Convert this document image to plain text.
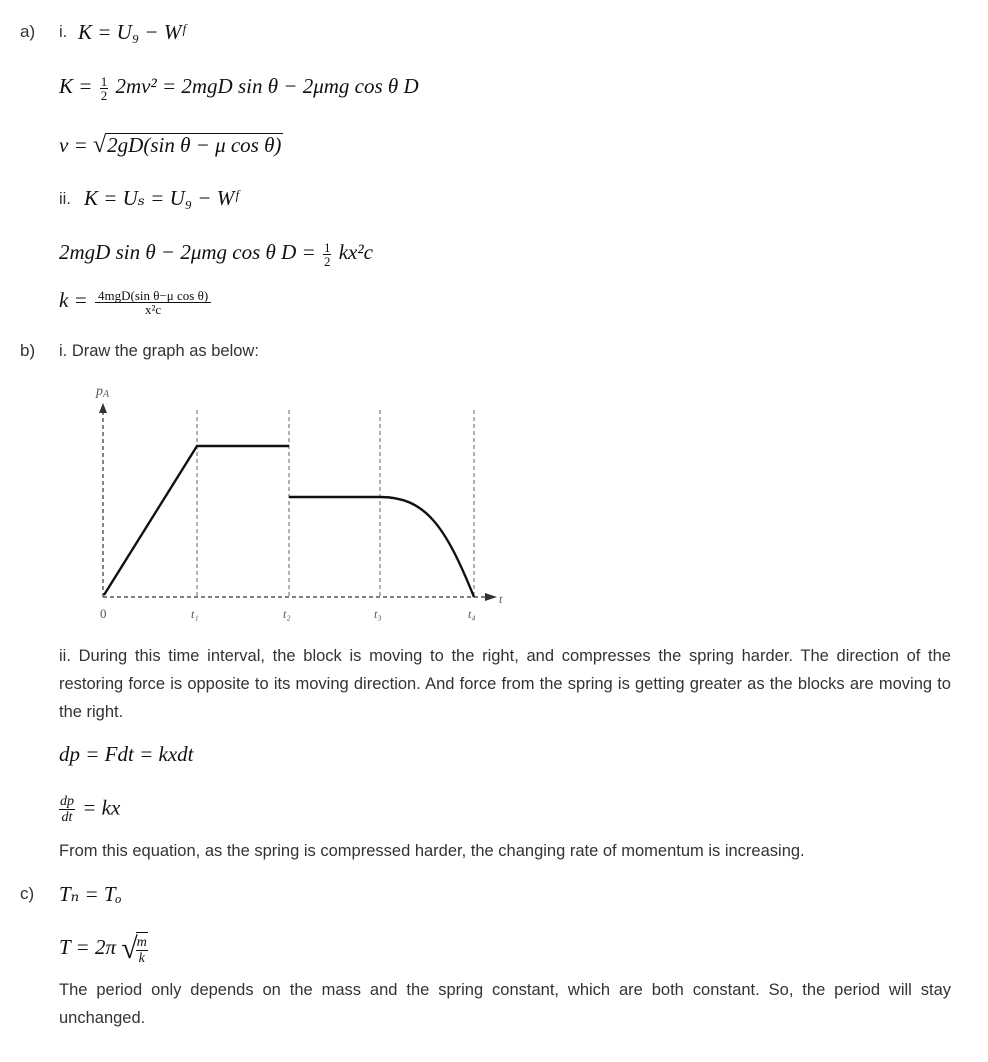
a) i. K = U₉ − Wᶠ
$K = \frac{1}{2} 2mv^2 = 2mgD$ sin θ − 2μmg cos θ D
v = √2gD(sin θ − μ cos θ)
ii. K = Uₛ = U₉ − Wᶠ
2mgD sin θ − 2μmg cos θ $D = \frac{1}{2} kx^2c$
$k = \frac{\text{4mgD(sin θ−μ cos θ)}}{\text{x²c}}$
b) i. Draw the graph as below:
pA
t
0	t₁	t₂	t₃	t₄
ii. During this time interval, the block is moving to the right, and compresses the spring harder. The direction of the restoring force is opposite to its moving direction. And force from the spring is getting greater as the blocks are moving to the right.
dp = Fdt = kxdt
$\frac{dp}{dt}$ = kx
From this equation, as the spring is compressed harder, the changing rate of momentum is increasing.
c) Tₙ = Tₒ
T = 2π √
$\frac{m}{k}$
The period only depends on the mass and the spring constant, which are both constant. So, the period will stay unchanged.
